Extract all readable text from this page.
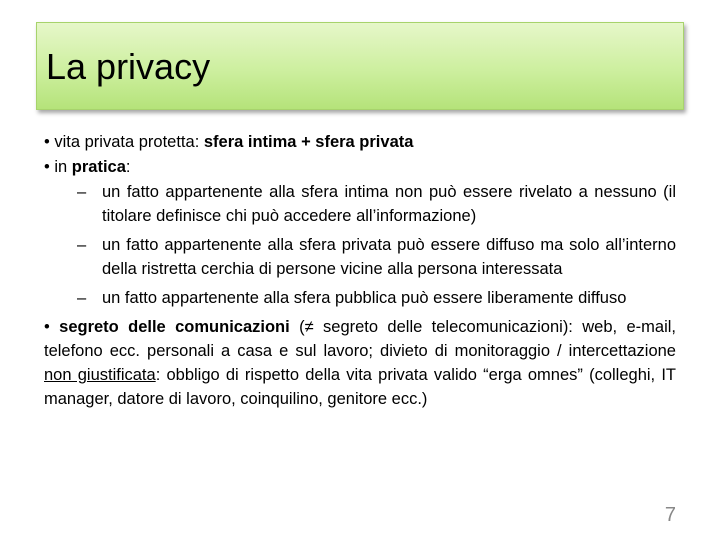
La privacy

• vita privata protetta: sfera intima + sfera privata

• in pratica:

– un fatto appartenente alla sfera intima non può essere rivelato a nessuno (il titolare definisce chi può accedere all’informazione)

– un fatto appartenente alla sfera privata può essere diffuso ma solo all’interno della ristretta cerchia di persone vicine alla persona interessata

– un fatto appartenente alla sfera pubblica può essere liberamente diffuso

• segreto delle comunicazioni (≠ segreto delle telecomunicazioni): web, e-mail, telefono ecc. personali a casa e sul lavoro; divieto di monitoraggio / intercettazione non giustificata: obbligo di rispetto della vita privata valido “erga omnes” (colleghi, IT manager, datore di lavoro, coinquilino, genitore ecc.)

7
